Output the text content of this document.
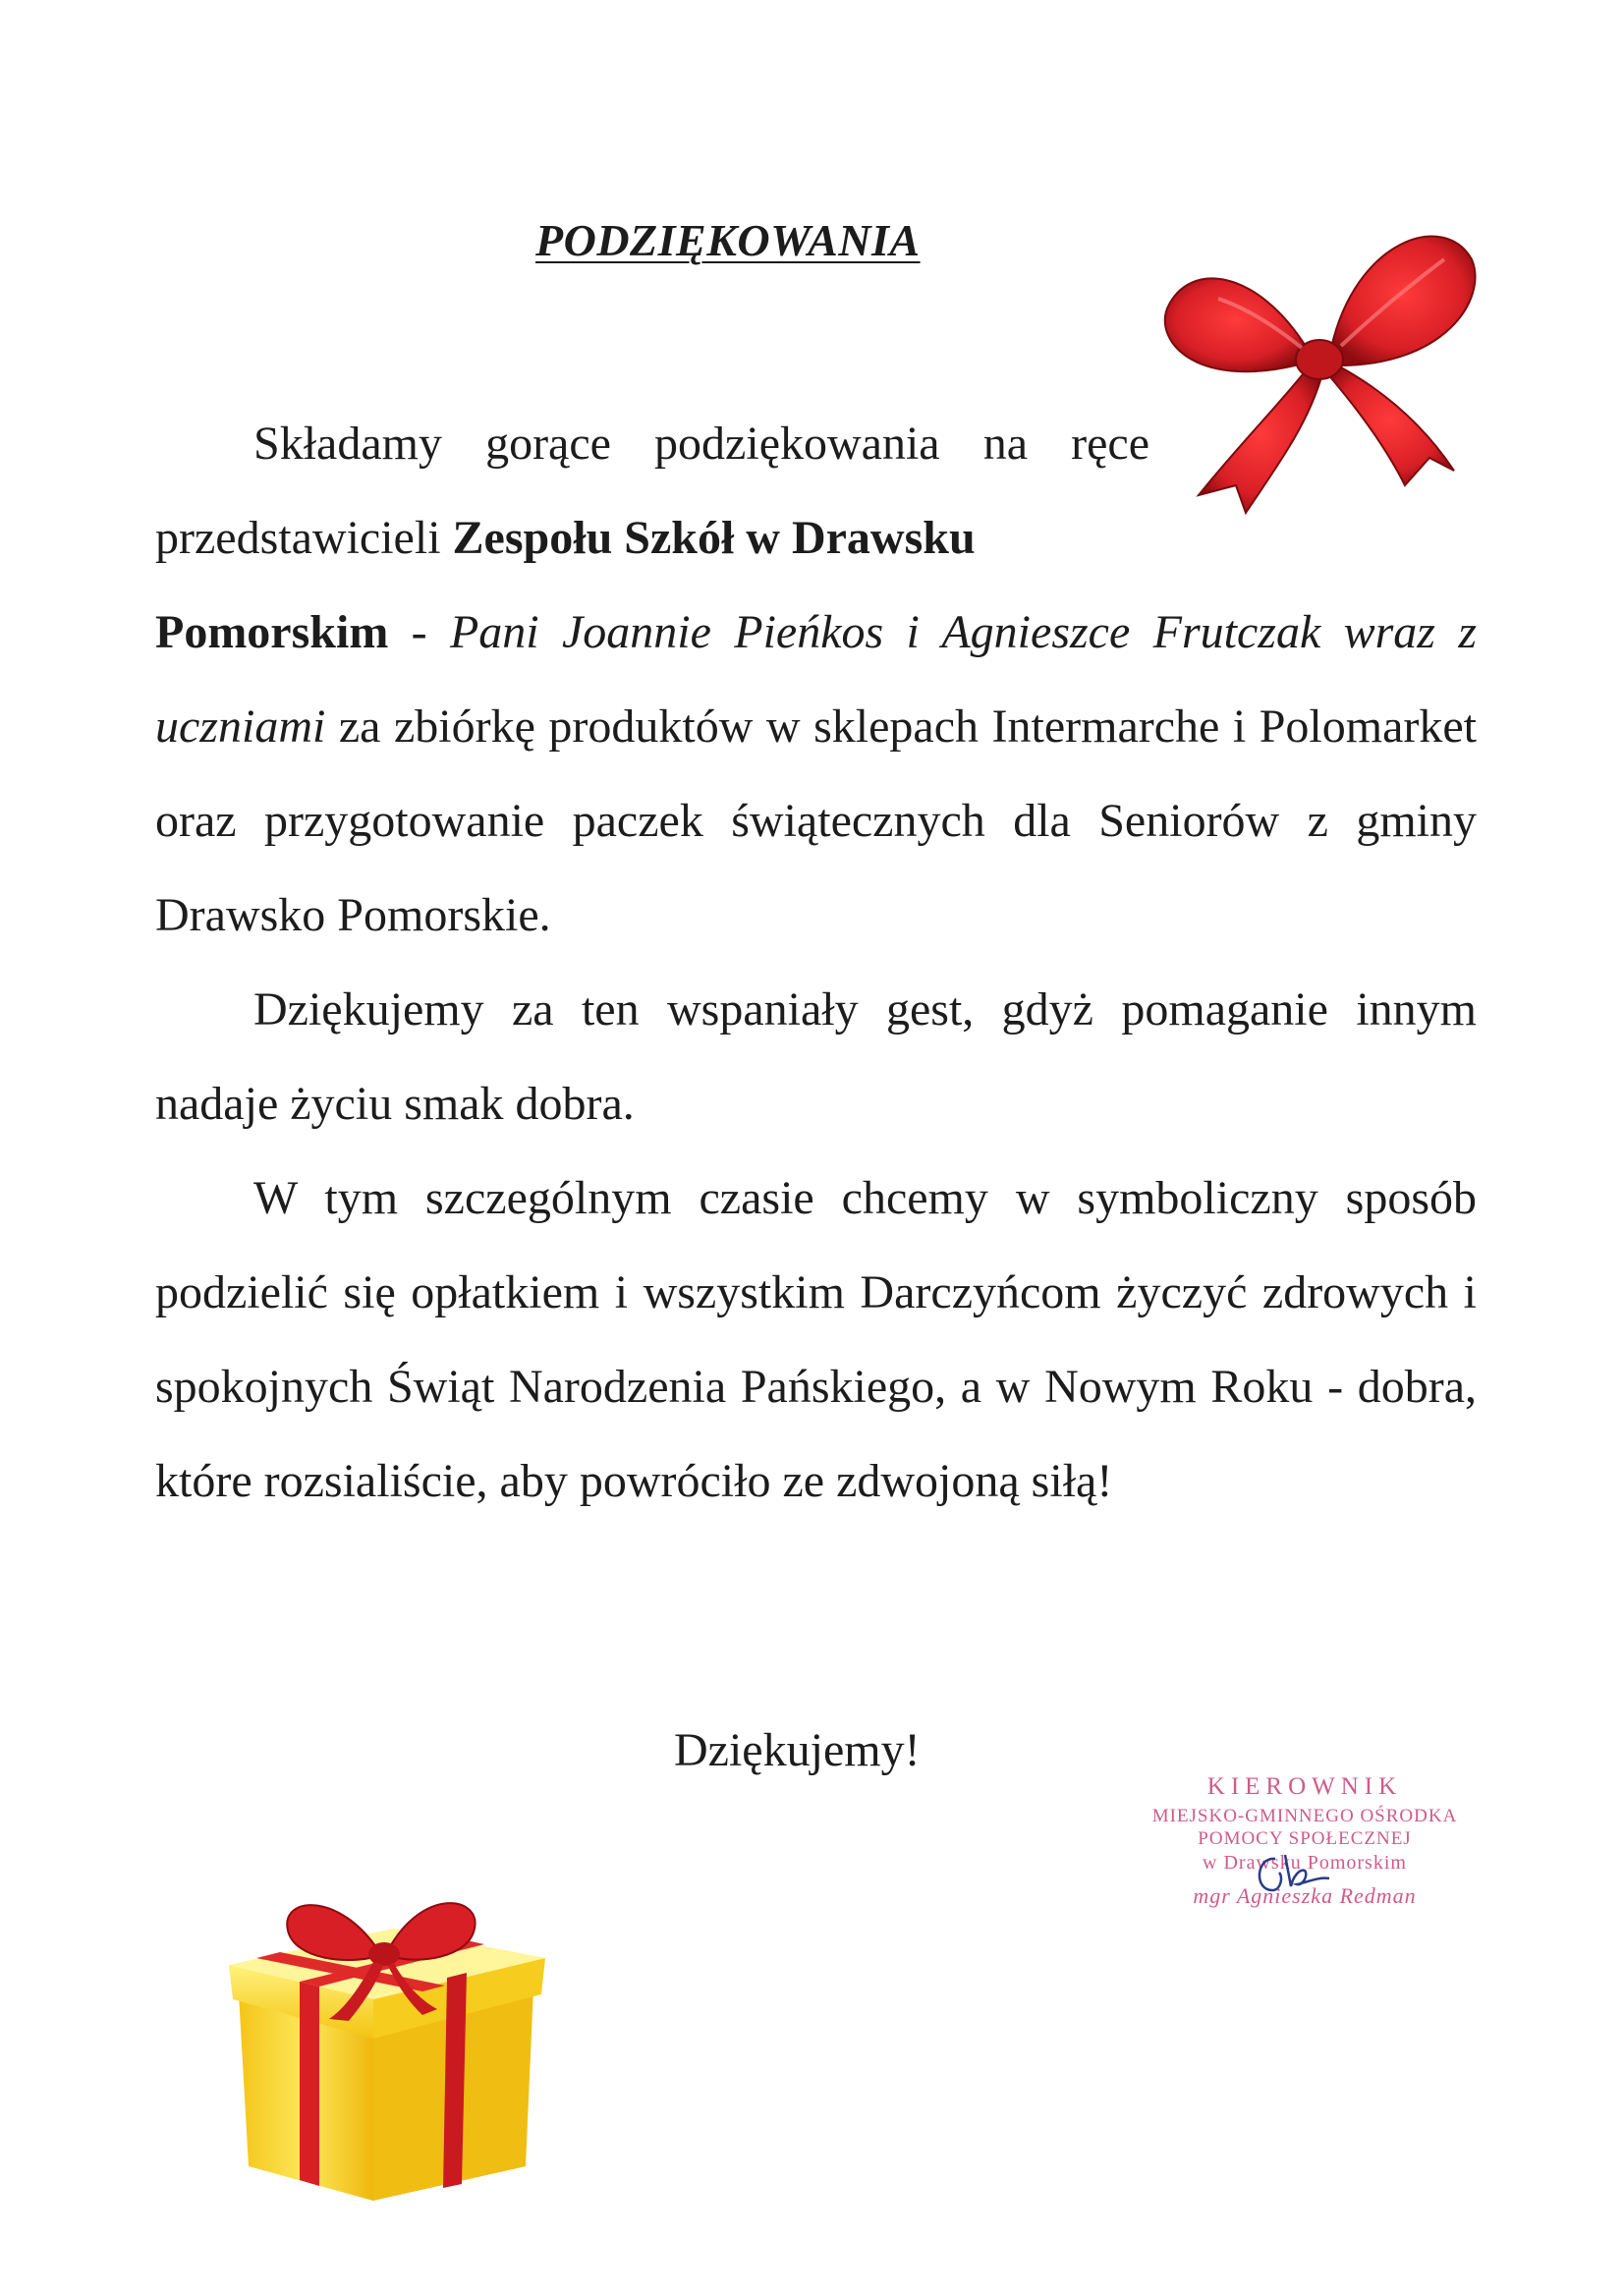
PODZIĘKOWANIA

Składamy gorące podziękowania na ręce przedstawicieli Zespołu Szkół w Drawsku

Pomorskim - Pani Joannie Pieńkos i Agnieszce Frutczak wraz z uczniami za zbiórkę produktów w sklepach Intermarche i Polomarket oraz przygotowanie paczek świątecznych dla Seniorów z gminy Drawsko Pomorskie.

Dziękujemy za ten wspaniały gest, gdyż pomaganie innym nadaje życiu smak dobra.

W tym szczególnym czasie chcemy w symboliczny sposób podzielić się opłatkiem i wszystkim Darczyńcom życzyć zdrowych i spokojnych Świąt Narodzenia Pańskiego, a w Nowym Roku - dobra, które rozsialiście, aby powróciło ze zdwojoną siłą!

Dziękujemy!

KIEROWNIK
MIEJSKO-GMINNEGO OŚRODKA
POMOCY SPOŁECZNEJ
w Drawsku Pomorskim
mgr Agnieszka Redman
